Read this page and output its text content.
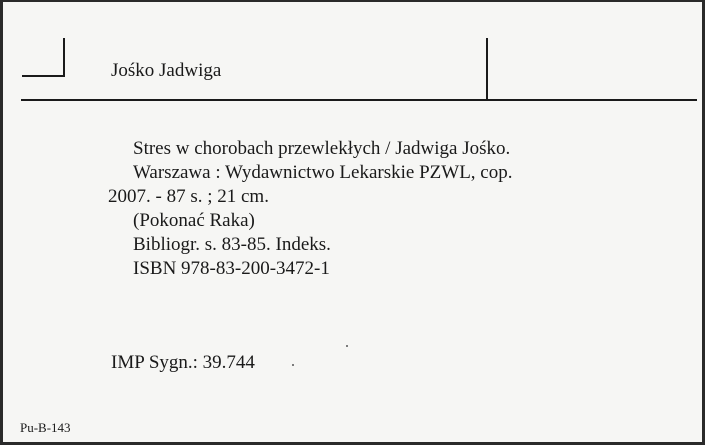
Jośko Jadwiga
Stres w chorobach przewlekłych / Jadwiga Jośko.
Warszawa : Wydawnictwo Lekarskie PZWL, cop.
2007. - 87 s. ; 21 cm.
(Pokonać Raka)
Bibliogr. s. 83-85. Indeks.
ISBN 978-83-200-3472-1
IMP Sygn.: 39.744
Pu-B-143
